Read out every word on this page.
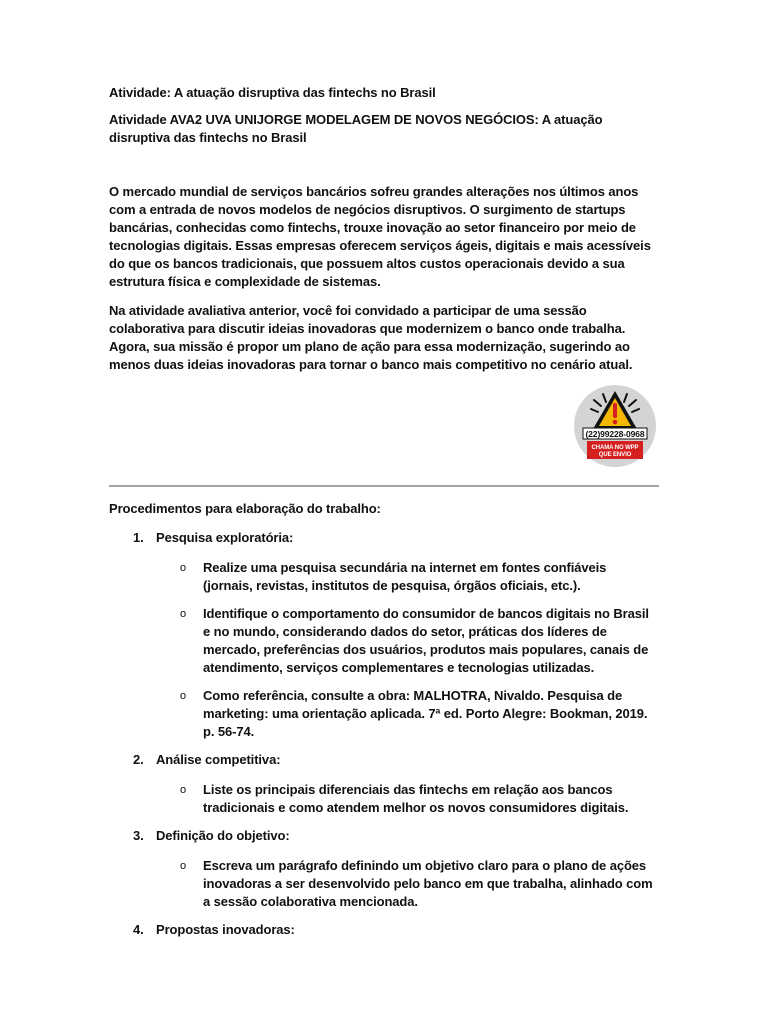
Atividade: A atuação disruptiva das fintechs no Brasil

Atividade AVA2 UVA UNIJORGE MODELAGEM DE NOVOS NEGÓCIOS: A atuação disruptiva das fintechs no Brasil

O mercado mundial de serviços bancários sofreu grandes alterações nos últimos anos com a entrada de novos modelos de negócios disruptivos. O surgimento de startups bancárias, conhecidas como fintechs, trouxe inovação ao setor financeiro por meio de tecnologias digitais. Essas empresas oferecem serviços ágeis, digitais e mais acessíveis do que os bancos tradicionais, que possuem altos custos operacionais devido a sua estrutura física e complexidade de sistemas.

Na atividade avaliativa anterior, você foi convidado a participar de uma sessão colaborativa para discutir ideias inovadoras que modernizem o banco onde trabalha. Agora, sua missão é propor um plano de ação para essa modernização, sugerindo ao menos duas ideias inovadoras para tornar o banco mais competitivo no cenário atual.

(22)99228-0968
CHAMA NO WPP
QUE ENVIO

Procedimentos para elaboração do trabalho:

1. Pesquisa exploratória:
o Realize uma pesquisa secundária na internet em fontes confiáveis (jornais, revistas, institutos de pesquisa, órgãos oficiais, etc.).
o Identifique o comportamento do consumidor de bancos digitais no Brasil e no mundo, considerando dados do setor, práticas dos líderes de mercado, preferências dos usuários, produtos mais populares, canais de atendimento, serviços complementares e tecnologias utilizadas.
o Como referência, consulte a obra: MALHOTRA, Nivaldo. Pesquisa de marketing: uma orientação aplicada. 7ª ed. Porto Alegre: Bookman, 2019. p. 56-74.
2. Análise competitiva:
o Liste os principais diferenciais das fintechs em relação aos bancos tradicionais e como atendem melhor os novos consumidores digitais.
3. Definição do objetivo:
o Escreva um parágrafo definindo um objetivo claro para o plano de ações inovadoras a ser desenvolvido pelo banco em que trabalha, alinhado com a sessão colaborativa mencionada.
4. Propostas inovadoras:
